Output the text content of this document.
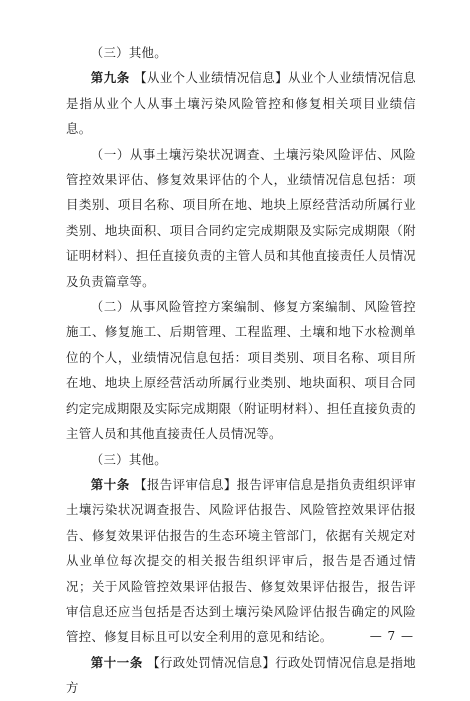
（三）其他。

第九条 【从业个人业绩情况信息】从业个人业绩情况信息是指从业个人从事土壤污染风险管控和修复相关项目业绩信息。

（一）从事土壤污染状况调查、土壤污染风险评估、风险管控效果评估、修复效果评估的个人，业绩情况信息包括：项目类别、项目名称、项目所在地、地块上原经营活动所属行业类别、地块面积、项目合同约定完成期限及实际完成期限（附证明材料）、担任直接负责的主管人员和其他直接责任人员情况及负责篇章等。

（二）从事风险管控方案编制、修复方案编制、风险管控施工、修复施工、后期管理、工程监理、土壤和地下水检测单位的个人，业绩情况信息包括：项目类别、项目名称、项目所在地、地块上原经营活动所属行业类别、地块面积、项目合同约定完成期限及实际完成期限（附证明材料）、担任直接负责的主管人员和其他直接责任人员情况等。

（三）其他。

第十条 【报告评审信息】报告评审信息是指负责组织评审土壤污染状况调查报告、风险评估报告、风险管控效果评估报告、修复效果评估报告的生态环境主管部门，依据有关规定对从业单位每次提交的相关报告组织评审后，报告是否通过情况；关于风险管控效果评估报告、修复效果评估报告，报告评审信息还应当包括是否达到土壤污染风险评估报告确定的风险管控、修复目标且可以安全利用的意见和结论。

第十一条 【行政处罚情况信息】行政处罚情况信息是指地方

— 7 —
